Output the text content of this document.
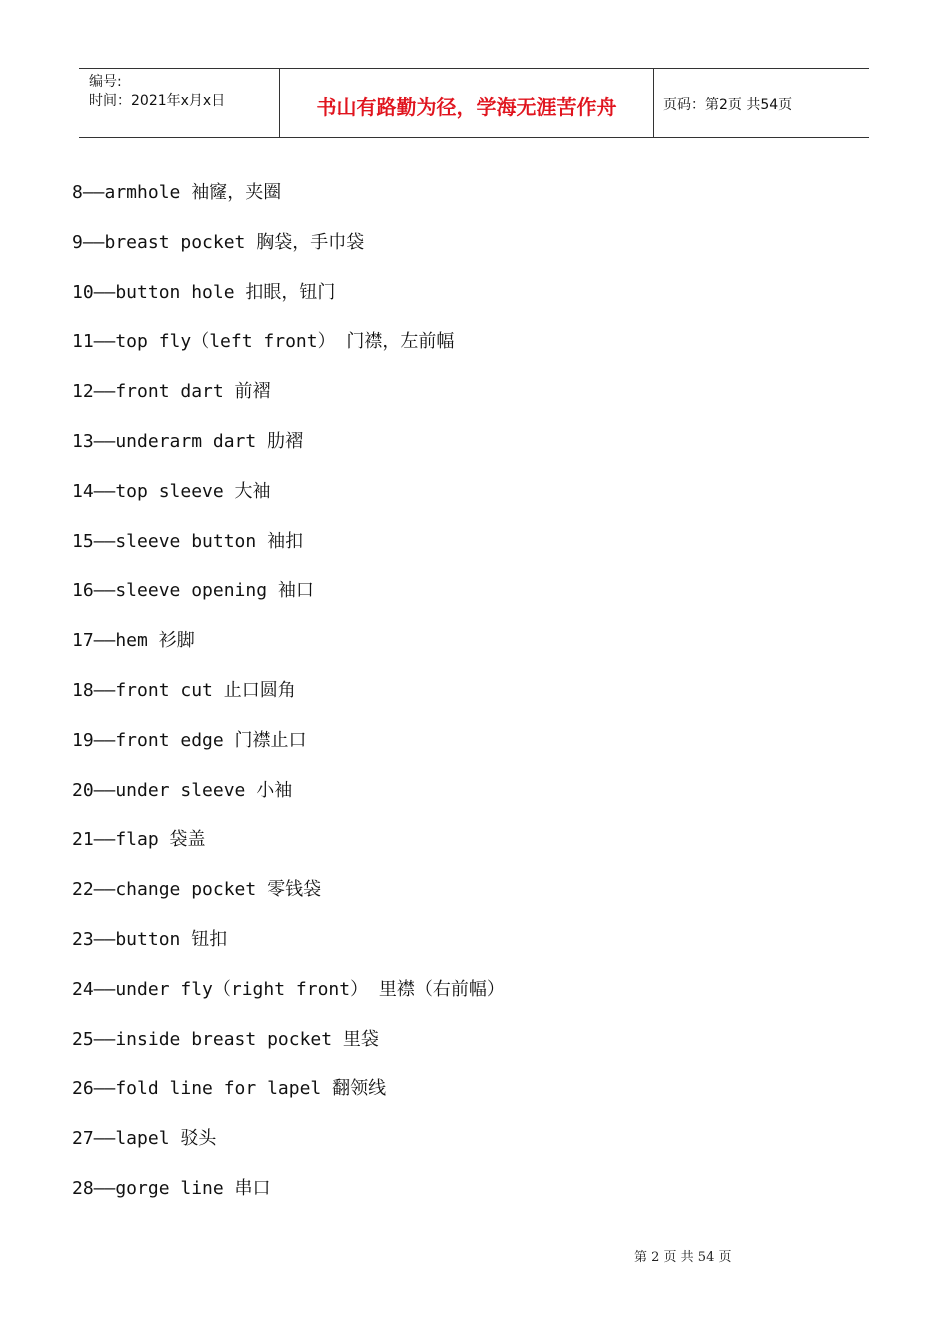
编号:
时间：2021年x月x日	书山有路勤为径，学海无涯苦作舟	页码：第2页 共54页
8——armhole 袖窿，夹圈
9——breast pocket 胸袋，手巾袋
10——button hole 扣眼，钮门
11——top fly（left front） 门襟，左前幅
12——front dart 前褶
13——underarm dart 肋褶
14——top sleeve 大袖
15——sleeve button 袖扣
16——sleeve opening 袖口
17——hem 衫脚
18——front cut 止口圆角
19——front edge 门襟止口
20——under sleeve 小袖
21——flap 袋盖
22——change pocket 零钱袋
23——button 钮扣
24——under fly（right front） 里襟（右前幅）
25——inside breast pocket 里袋
26——fold line for lapel 翻领线
27——lapel 驳头
28——gorge line 串口
第 2 页 共 54 页
